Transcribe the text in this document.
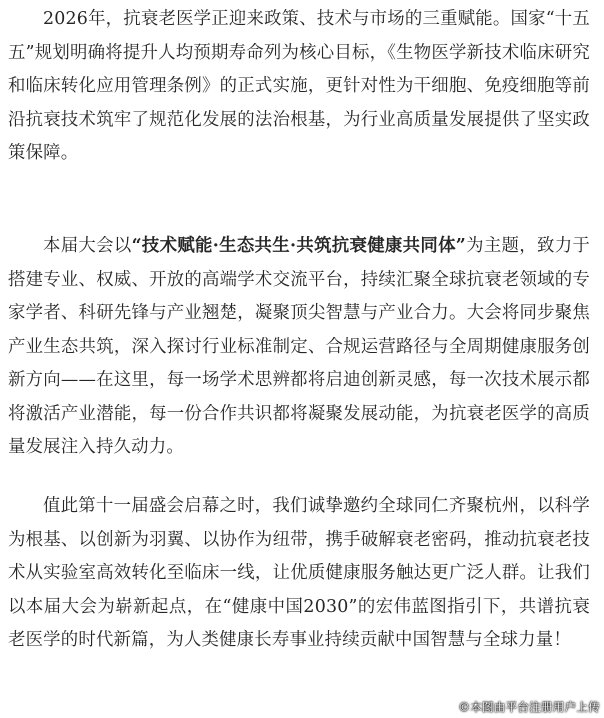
2026年，抗衰老医学正迎来政策、技术与市场的三重赋能。国家“十五五”规划明确将提升人均预期寿命列为核心目标，《生物医学新技术临床研究和临床转化应用管理条例》的正式实施，更针对性为干细胞、免疫细胞等前沿抗衰技术筑牢了规范化发展的法治根基，为行业高质量发展提供了坚实政策保障。

本届大会以“技术赋能·生态共生·共筑抗衰健康共同体”为主题，致力于搭建专业、权威、开放的高端学术交流平台，持续汇聚全球抗衰老领域的专家学者、科研先锋与产业翘楚，凝聚顶尖智慧与产业合力。大会将同步聚焦产业生态共筑，深入探讨行业标准制定、合规运营路径与全周期健康服务创新方向——在这里，每一场学术思辨都将启迪创新灵感，每一次技术展示都将激活产业潜能，每一份合作共识都将凝聚发展动能，为抗衰老医学的高质量发展注入持久动力。

值此第十一届盛会启幕之时，我们诚挚邀约全球同仁齐聚杭州，以科学为根基、以创新为羽翼、以协作为纽带，携手破解衰老密码，推动抗衰老技术从实验室高效转化至临床一线，让优质健康服务触达更广泛人群。让我们以本届大会为崭新起点，在“健康中国2030”的宏伟蓝图指引下，共谱抗衰老医学的时代新篇，为人类健康长寿事业持续贡献中国智慧与全球力量！

©本图由平台注册用户上传
